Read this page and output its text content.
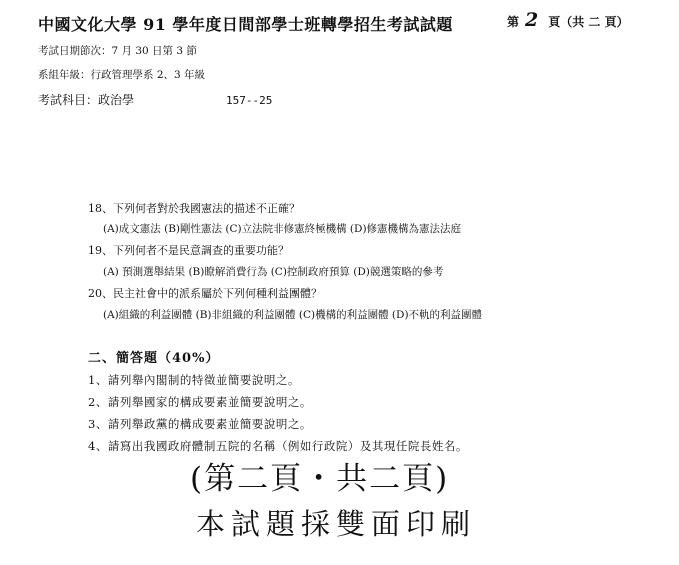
中國文化大學 91 學年度日間部學士班轉學招生考試試題	第 2 頁（共 二 頁）
考試日期節次：7 月 30 日第 3 節
系組年級：行政管理學系 2、3 年級
考試科目：政治學	157--25
18、下列何者對於我國憲法的描述不正確？
(A)成文憲法 (B)剛性憲法 (C)立法院非修憲終極機構 (D)修憲機構為憲法法庭
19、下列何者不是民意調查的重要功能？
(A) 預測選舉結果 (B)瞭解消費行為 (C)控制政府預算 (D)競選策略的參考
20、民主社會中的派系屬於下列何種利益團體？
(A)組織的利益團體 (B)非組織的利益團體 (C)機構的利益團體 (D)不軌的利益團體
二、簡答題（40%）
1、請列舉內閣制的特徵並簡要說明之。
2、請列舉國家的構成要素並簡要說明之。
3、請列舉政黨的構成要素並簡要說明之。
4、請寫出我國政府體制五院的名稱（例如行政院）及其現任院長姓名。
(第二頁・共二頁)
本試題採雙面印刷
